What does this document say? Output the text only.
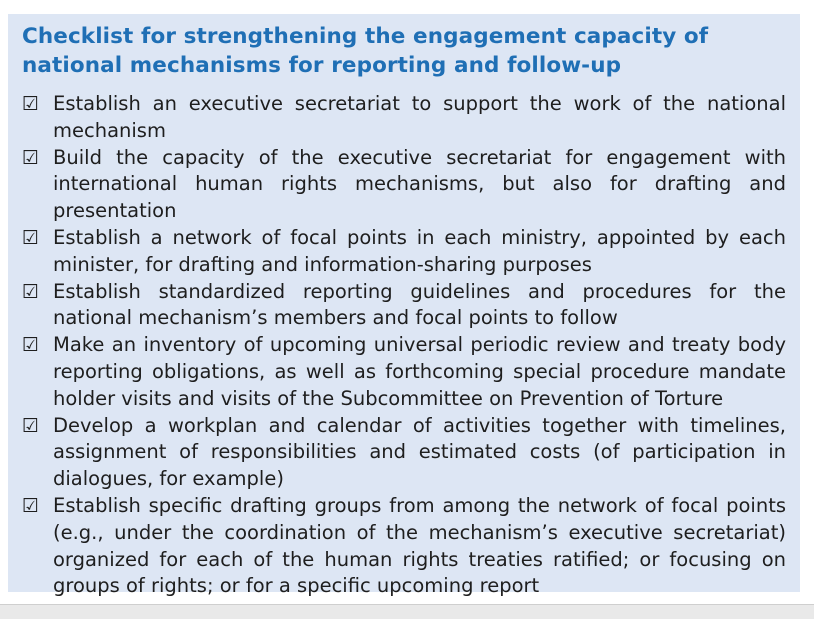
Checklist for strengthening the engagement capacity of national mechanisms for reporting and follow-up
☑ Establish an executive secretariat to support the work of the national mechanism
☑ Build the capacity of the executive secretariat for engagement with international human rights mechanisms, but also for drafting and presentation
☑ Establish a network of focal points in each ministry, appointed by each minister, for drafting and information-sharing purposes
☑ Establish standardized reporting guidelines and procedures for the national mechanism’s members and focal points to follow
☑ Make an inventory of upcoming universal periodic review and treaty body reporting obligations, as well as forthcoming special procedure mandate holder visits and visits of the Subcommittee on Prevention of Torture
☑ Develop a workplan and calendar of activities together with timelines, assignment of responsibilities and estimated costs (of participation in dialogues, for example)
☑ Establish specific drafting groups from among the network of focal points (e.g., under the coordination of the mechanism’s executive secretariat) organized for each of the human rights treaties ratified; or focusing on groups of rights; or for a specific upcoming report
